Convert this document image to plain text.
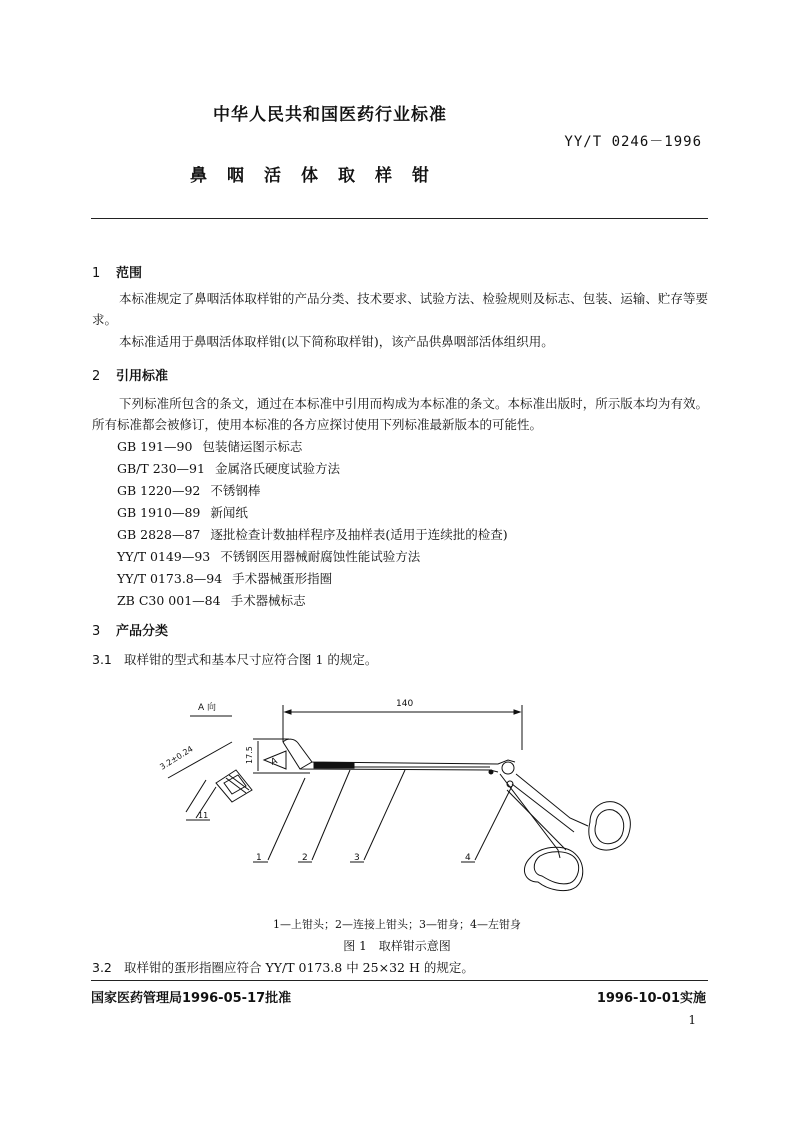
中华人民共和国医药行业标准
YY/T 0246－1996
鼻咽活体取样钳
1 范围
本标准规定了鼻咽活体取样钳的产品分类、技术要求、试验方法、检验规则及标志、包装、运输、贮存等要求。
本标准适用于鼻咽活体取样钳(以下简称取样钳)，该产品供鼻咽部活体组织用。
2 引用标准
下列标准所包含的条文，通过在本标准中引用而构成为本标准的条文。本标准出版时，所示版本均为有效。所有标准都会被修订，使用本标准的各方应探讨使用下列标准最新版本的可能性。
GB 191—90 包装储运图示标志
GB/T 230—91 金属洛氏硬度试验方法
GB 1220—92 不锈钢棒
GB 1910—89 新闻纸
GB 2828—87 逐批检查计数抽样程序及抽样表(适用于连续批的检查)
YY/T 0149—93 不锈钢医用器械耐腐蚀性能试验方法
YY/T 0173.8—94 手术器械蛋形指圈
ZB C30 001—84 手术器械标志
3 产品分类
3.1 取样钳的型式和基本尺寸应符合图 1 的规定。
A 向
3.2±0.24
11
140
17.5 A
1	2	3	4
1—上钳头；2—连接上钳头；3—钳身；4—左钳身
图 1　取样钳示意图
3.2 取样钳的蛋形指圈应符合 YY/T 0173.8 中 25×32 H 的规定。
国家医药管理局1996-05-17批准	1996-10-01实施
1
